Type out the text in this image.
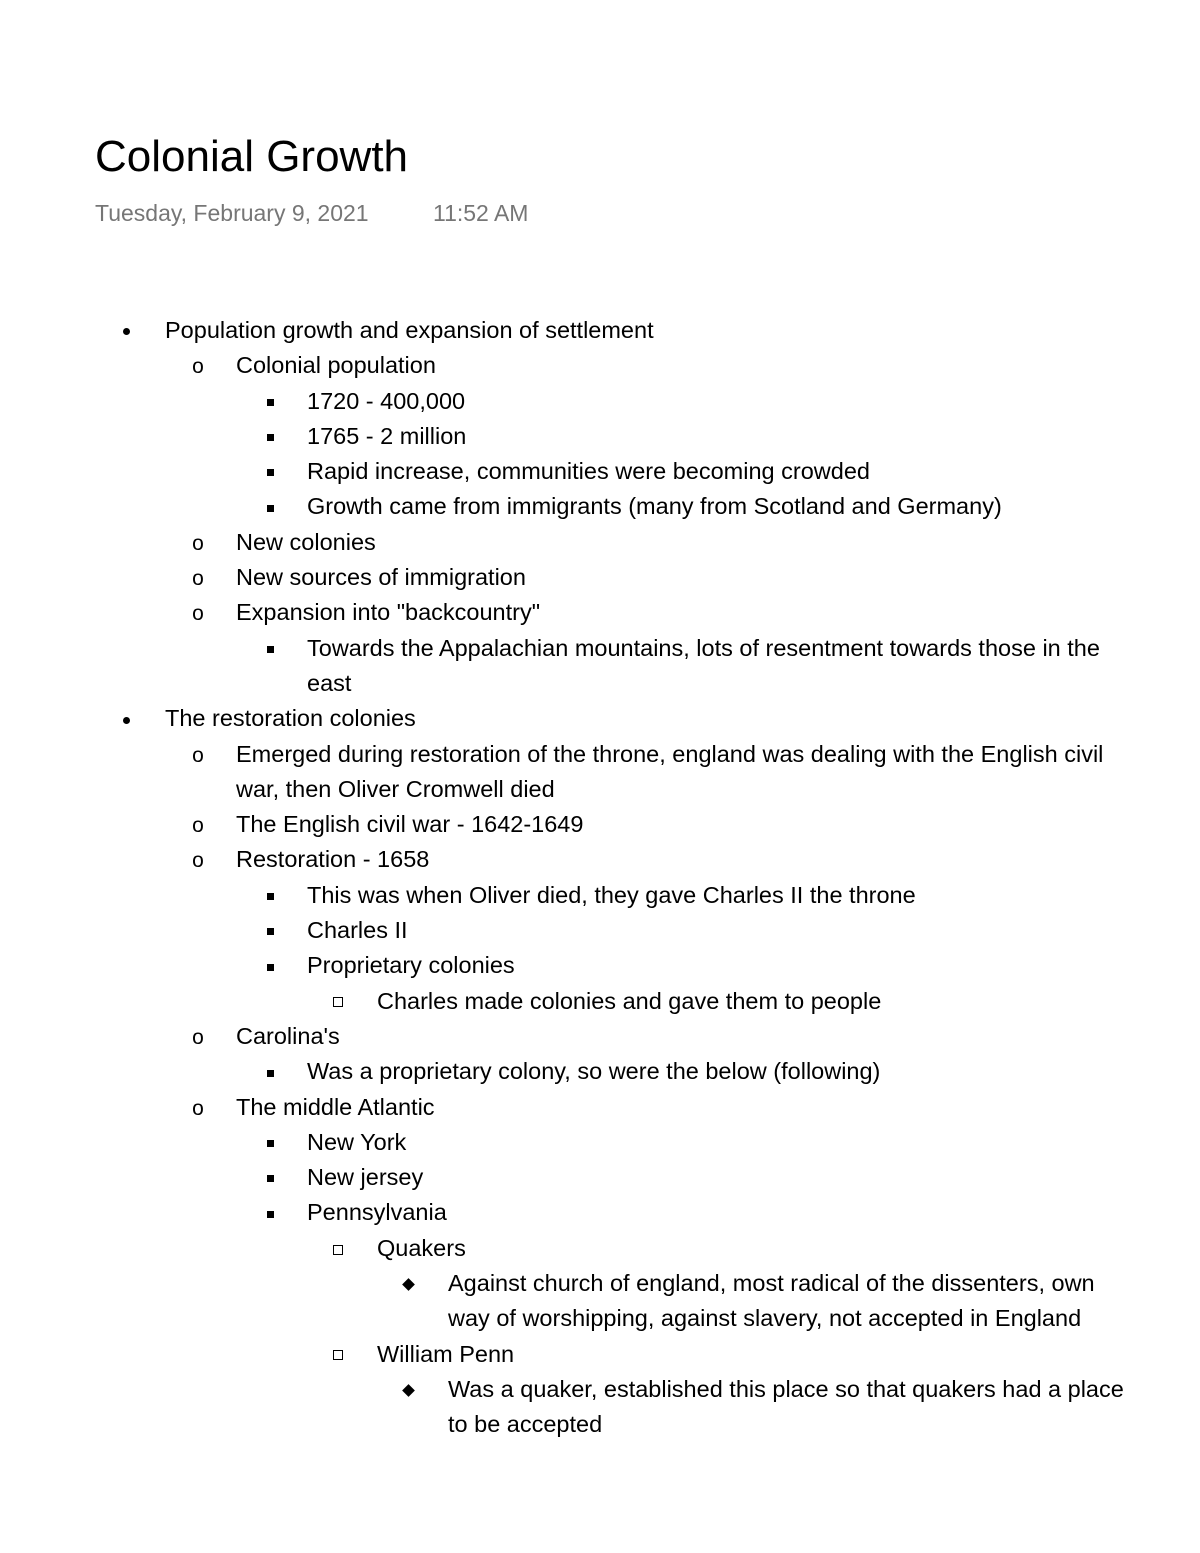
Colonial Growth
Tuesday, February 9, 2021	11:52 AM
Population growth and expansion of settlement
o Colonial population
1720 - 400,000
1765 - 2 million
Rapid increase, communities were becoming crowded
Growth came from immigrants (many from Scotland and Germany)
o New colonies
o New sources of immigration
o Expansion into "backcountry"
Towards the Appalachian mountains, lots of resentment towards those in the
east
The restoration colonies
o Emerged during restoration of the throne, england was dealing with the English civil
war, then Oliver Cromwell died
o The English civil war - 1642-1649
o Restoration - 1658
This was when Oliver died, they gave Charles II the throne
Charles II
Proprietary colonies
Charles made colonies and gave them to people
o Carolina's
Was a proprietary colony, so were the below (following)
o The middle Atlantic
New York
New jersey
Pennsylvania
Quakers
Against church of england, most radical of the dissenters, own
way of worshipping, against slavery, not accepted in England
William Penn
Was a quaker, established this place so that quakers had a place
to be accepted
